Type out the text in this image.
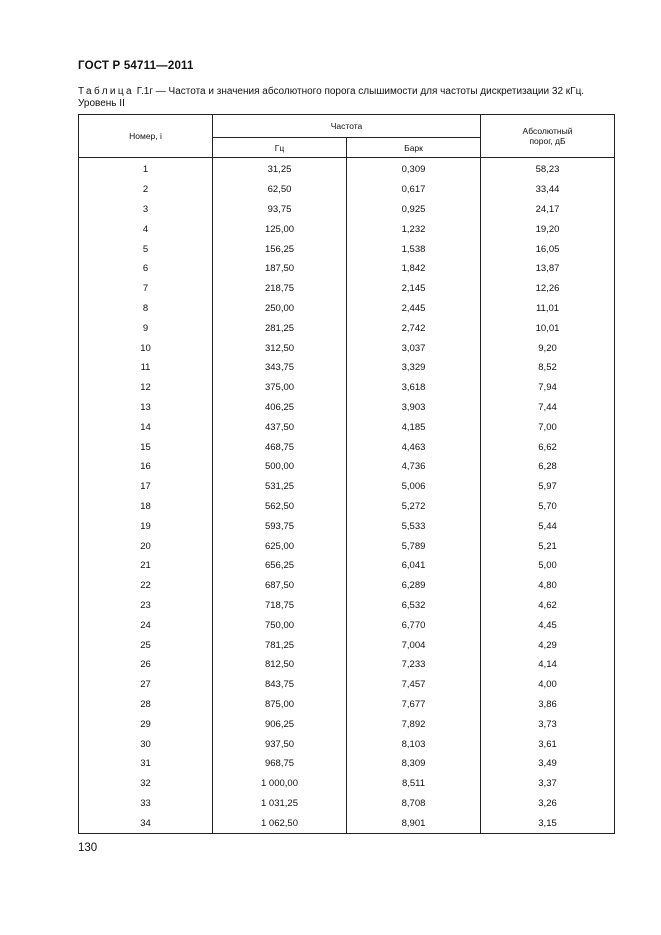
ГОСТ Р 54711—2011
Таблица Г.1г — Частота и значения абсолютного порога слышимости для частоты дискретизации 32 кГц.
Уровень II
Номер, i	Частота		Абсолютный
порог, дБ
	Гц	Барк	
1	31,25	0,309	58,23
2	62,50	0,617	33,44
3	93,75	0,925	24,17
4	125,00	1,232	19,20
5	156,25	1,538	16,05
6	187,50	1,842	13,87
7	218,75	2,145	12,26
8	250,00	2,445	11,01
9	281,25	2,742	10,01
10	312,50	3,037	9,20
11	343,75	3,329	8,52
12	375,00	3,618	7,94
13	406,25	3,903	7,44
14	437,50	4,185	7,00
15	468,75	4,463	6,62
16	500,00	4,736	6,28
17	531,25	5,006	5,97
18	562,50	5,272	5,70
19	593,75	5,533	5,44
20	625,00	5,789	5,21
21	656,25	6,041	5,00
22	687,50	6,289	4,80
23	718,75	6,532	4,62
24	750,00	6,770	4,45
25	781,25	7,004	4,29
26	812,50	7,233	4,14
27	843,75	7,457	4,00
28	875,00	7,677	3,86
29	906,25	7,892	3,73
30	937,50	8,103	3,61
31	968,75	8,309	3,49
32	1 000,00	8,511	3,37
33	1 031,25	8,708	3,26
34	1 062,50	8,901	3,15
130
